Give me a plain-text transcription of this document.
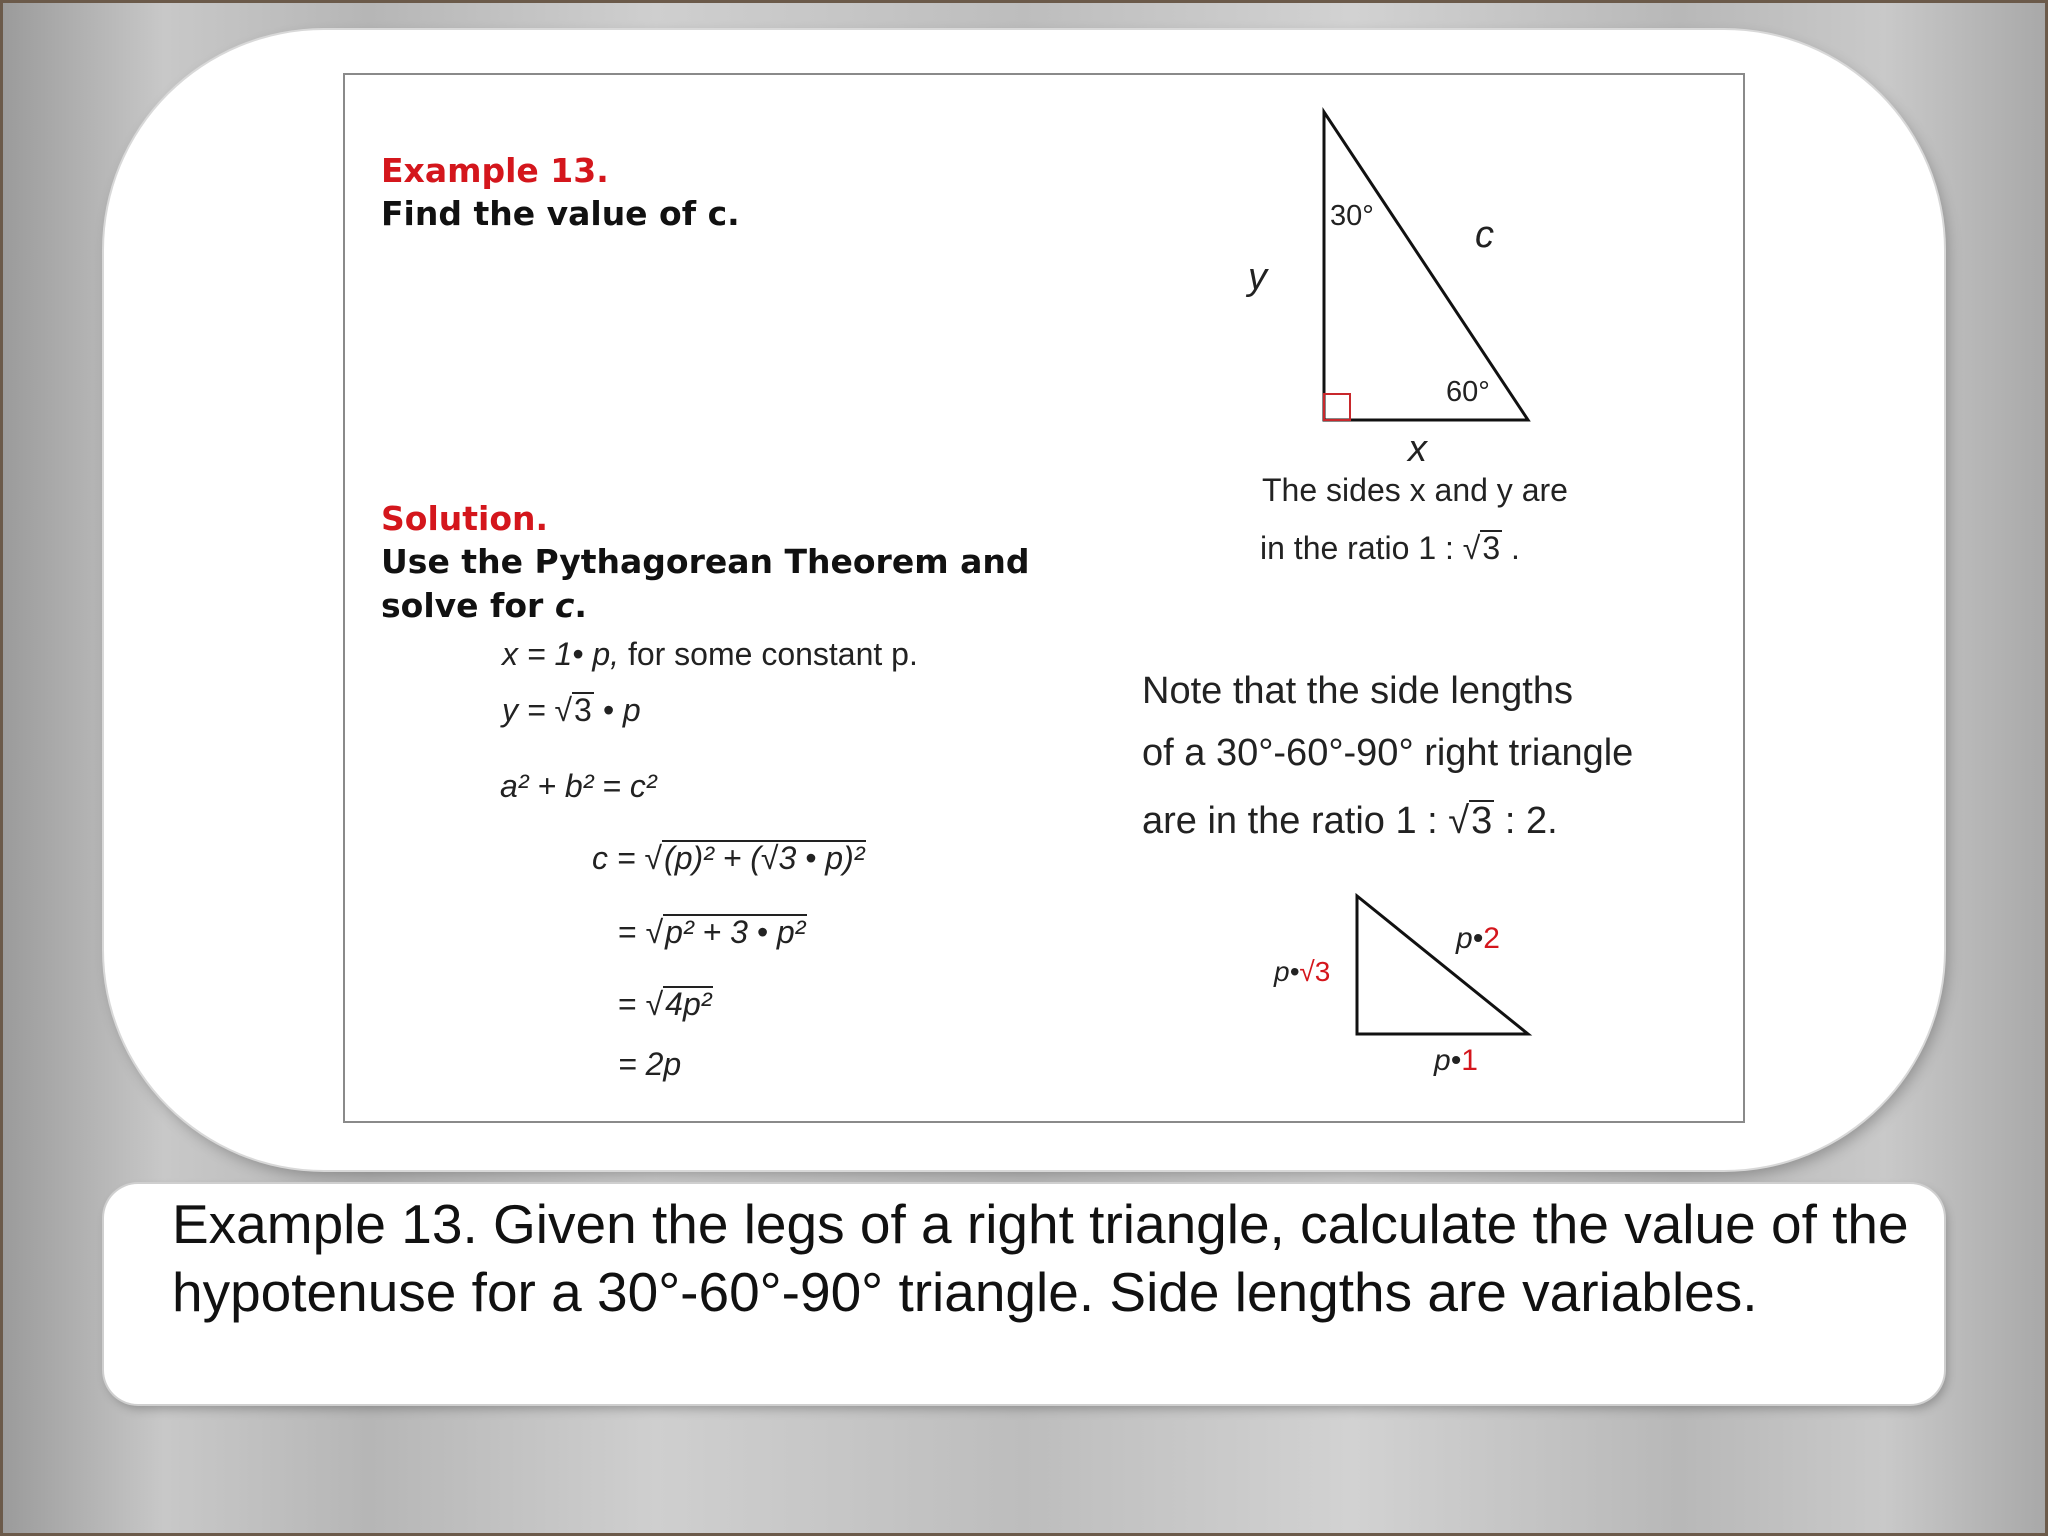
Example 13.
Find the value of c.
Solution.
Use the Pythagorean Theorem and
solve for c.
x = 1• p, for some constant p.
y = √3 • p
a² + b² = c²
c = √(p)² + (√3 • p)²
= √p² + 3 • p²
= √4p²
= 2p
30°
60°
c
y
x
The sides x and y are
in the ratio 1 : √3 .
Note that the side lengths
of a 30°-60°-90° right triangle
are in the ratio 1 : √3 : 2.
p•√3
p•2
p•1
Example 13. Given the legs of a right triangle, calculate the value of the hypotenuse for a 30°-60°-90° triangle. Side lengths are variables.
